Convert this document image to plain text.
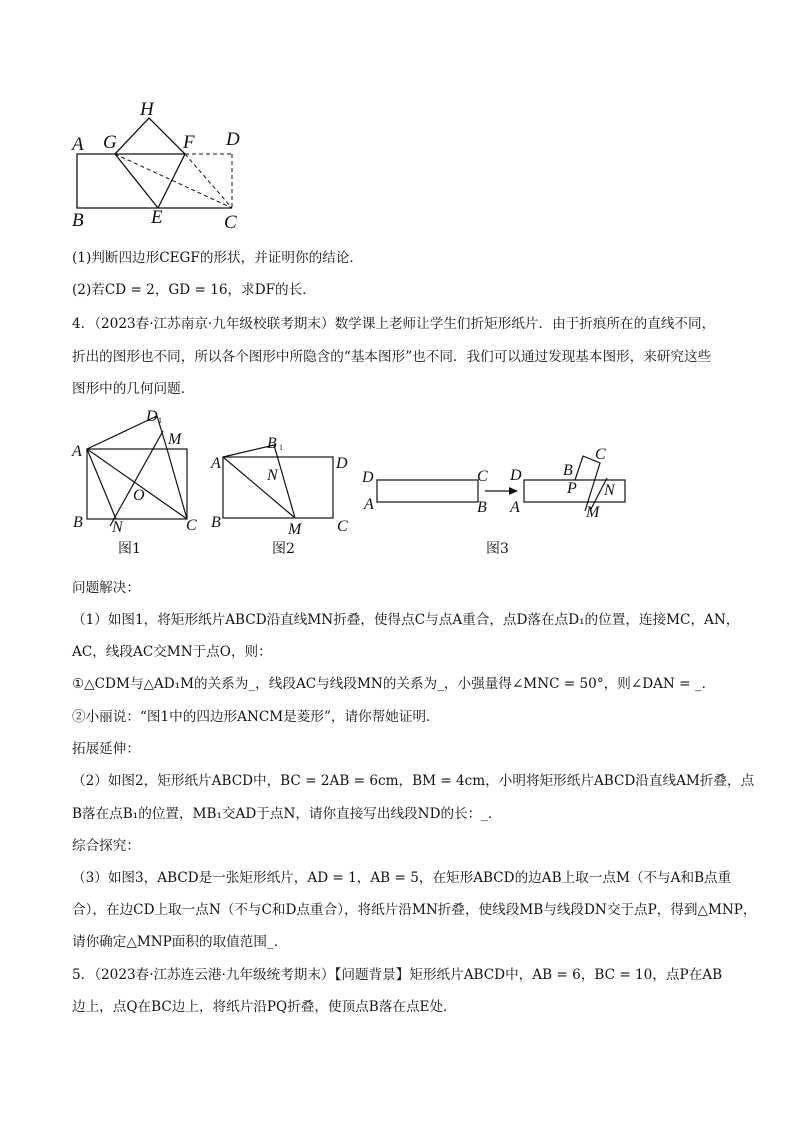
A G
H
F D
B	E	C
(1)判断四边形CEGF的形状，并证明你的结论．
(2)若CD = 2，GD = 16，求DF的长．
4．（2023春·江苏南京·九年级校联考期末）数学课上老师让学生们折矩形纸片．由于折痕所在的直线不同，
折出的图形也不同，所以各个图形中所隐含的“基本图形”也不同．我们可以通过发现基本图形，来研究这些
图形中的几何问题．
D 1
M
A
O
B N	C
图1
B 1
A	D
N
B	M C
图2
D	C
A	B
C
B
D
P N
A	M
图3
问题解决：
（1）如图1，将矩形纸片ABCD沿直线MN折叠，使得点C与点A重合，点D落在点D₁的位置，连接MC，AN，
AC，线段AC交MN于点O，则：
①△CDM与△AD₁M的关系为_，线段AC与线段MN的关系为_，小强量得∠MNC = 50°，则∠DAN = _．
②小丽说：“图1中的四边形ANCM是菱形”，请你帮她证明．
拓展延伸：
（2）如图2，矩形纸片ABCD中，BC = 2AB = 6cm，BM = 4cm，小明将矩形纸片ABCD沿直线AM折叠，点
B落在点B₁的位置，MB₁交AD于点N，请你直接写出线段ND的长：_．
综合探究：
（3）如图3，ABCD是一张矩形纸片，AD = 1，AB = 5，在矩形ABCD的边AB上取一点M（不与A和B点重
合），在边CD上取一点N（不与C和D点重合），将纸片沿MN折叠，使线段MB与线段DN交于点P，得到△MNP，
请你确定△MNP面积的取值范围_．
5．（2023春·江苏连云港·九年级统考期末）【问题背景】矩形纸片ABCD中，AB = 6，BC = 10，点P在AB
边上，点Q在BC边上，将纸片沿PQ折叠，使顶点B落在点E处．
